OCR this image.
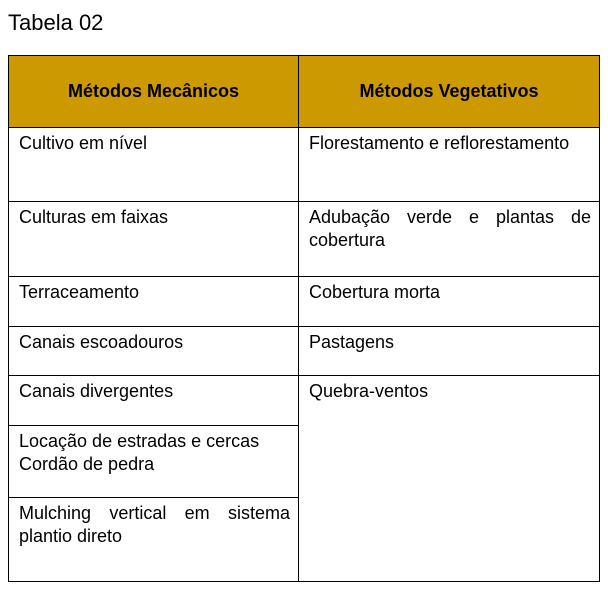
Tabela 02

Métodos Mecânicos	Métodos Vegetativos
Cultivo em nível	Florestamento e reflorestamento
Culturas em faixas	Adubação verde e plantas de cobertura
Terraceamento	Cobertura morta
Canais escoadouros	Pastagens
Canais divergentes	Quebra-ventos
Locação de estradas e cercas Cordão de pedra	
Mulching vertical em sistema plantio direto	
